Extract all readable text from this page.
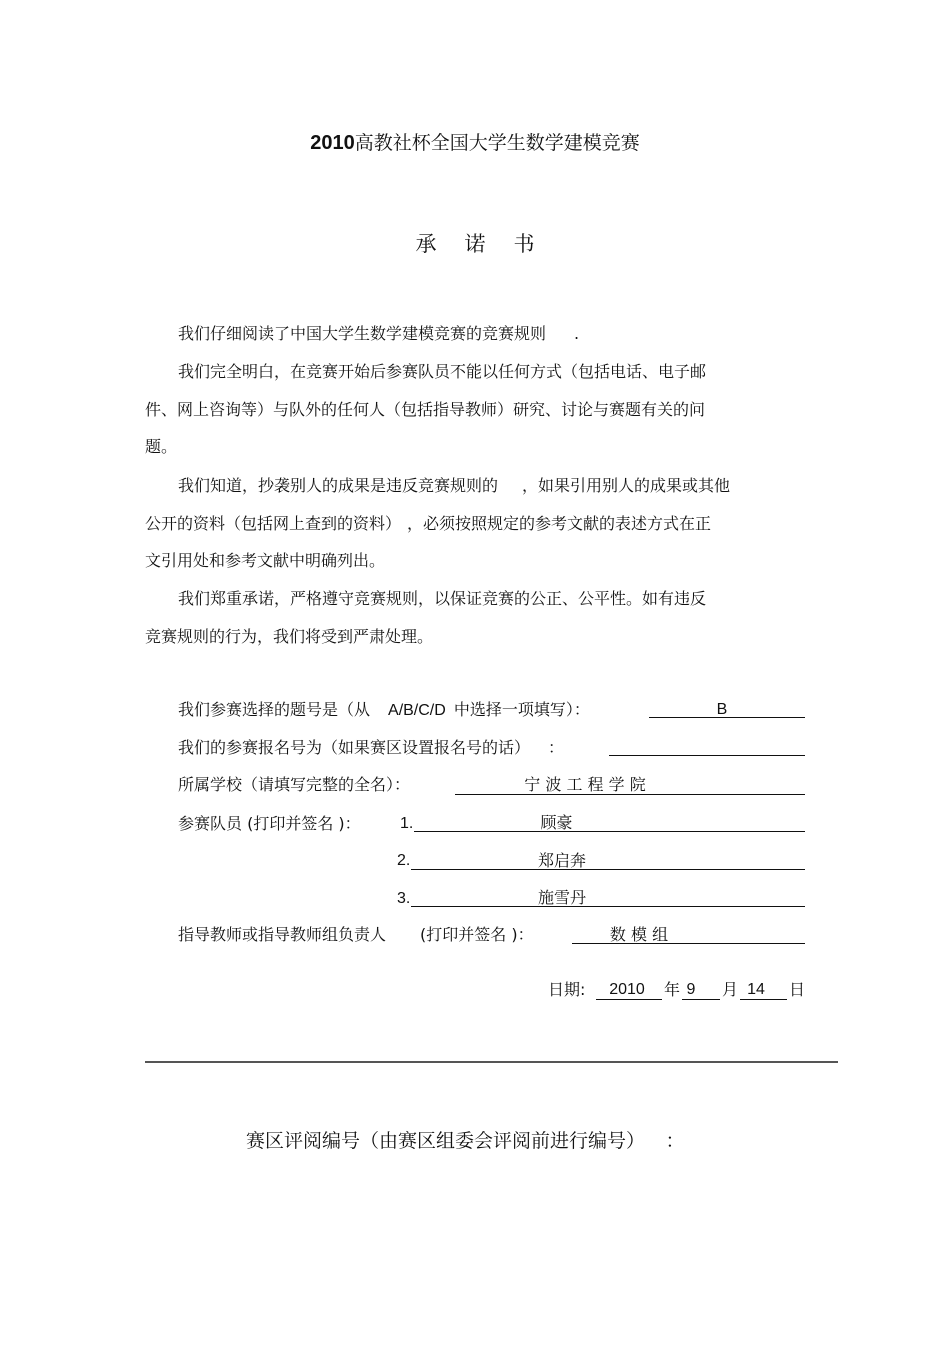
2010高教社杯全国大学生数学建模竞赛
承诺书
我们仔细阅读了中国大学生数学建模竞赛的竞赛规则 .
我们完全明白，在竞赛开始后参赛队员不能以任何方式（包括电话、电子邮
件、网上咨询等）与队外的任何人（包括指导教师）研究、讨论与赛题有关的问
题。
我们知道，抄袭别人的成果是违反竞赛规则的 ，如果引用别人的成果或其他
公开的资料（包括网上查到的资料） ，必须按照规定的参考文献的表述方式在正
文引用处和参考文献中明确列出。
我们郑重承诺，严格遵守竞赛规则，以保证竞赛的公正、公平性。如有违反
竞赛规则的行为，我们将受到严肃处理。
我们参赛选择的题号是（从 A/B/C/D 中选择一项填写）：	B
我们的参赛报名号为（如果赛区设置报名号的话） ：
所属学校（请填写完整的全名）：	宁 波 工 程 学 院
参赛队员 (打印并签名 )： 1.	顾豪
2.	郑启奔
3.	施雪丹
指导教师或指导教师组负责人 (打印并签名 )：	数 模 组
日期:	2010	年 9 月 14	日
赛区评阅编号（由赛区组委会评阅前进行编号） ：
